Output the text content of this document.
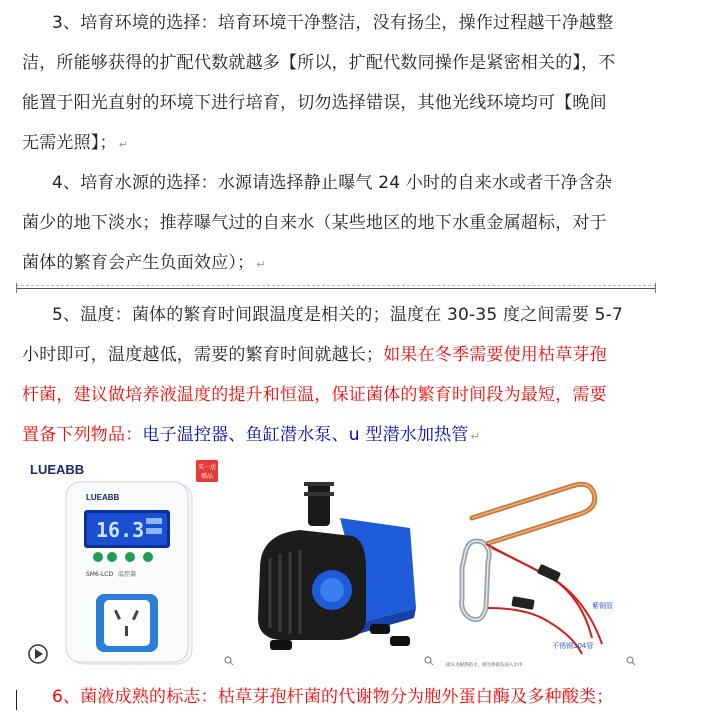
3、培育环境的选择：培育环境干净整洁，没有扬尘，操作过程越干净越整
洁，所能够获得的扩配代数就越多【所以，扩配代数同操作是紧密相关的】，不
能置于阳光直射的环境下进行培育，切勿选择错误，其他光线环境均可【晚间
无需光照】； ↵
4、培育水源的选择：水源请选择静止曝气 24 小时的自来水或者干净含杂
菌少的地下淡水；推荐曝气过的自来水（某些地区的地下水重金属超标，对于
菌体的繁育会产生负面效应）； ↵
5、温度：菌体的繁育时间跟温度是相关的；温度在 30-35 度之间需要 5-7
小时即可，温度越低，需要的繁育时间就越长；如果在冬季需要使用枯草芽孢
杆菌，建议做培养液温度的提升和恒温，保证菌体的繁育时间段为最短，需要
置备下列物品：电子温控器、鱼缸潜水泵、u 型潜水加热管 ↵
LUEABB	买一送
赠品
LUEABB
16.3
SM6-LCD 温控器
紫铜管
不锈钢304管
接头为耐热防水，请勿将接头浸入水中
6、菌液成熟的标志：枯草芽孢杆菌的代谢物分为胞外蛋白酶及多种酸类；
